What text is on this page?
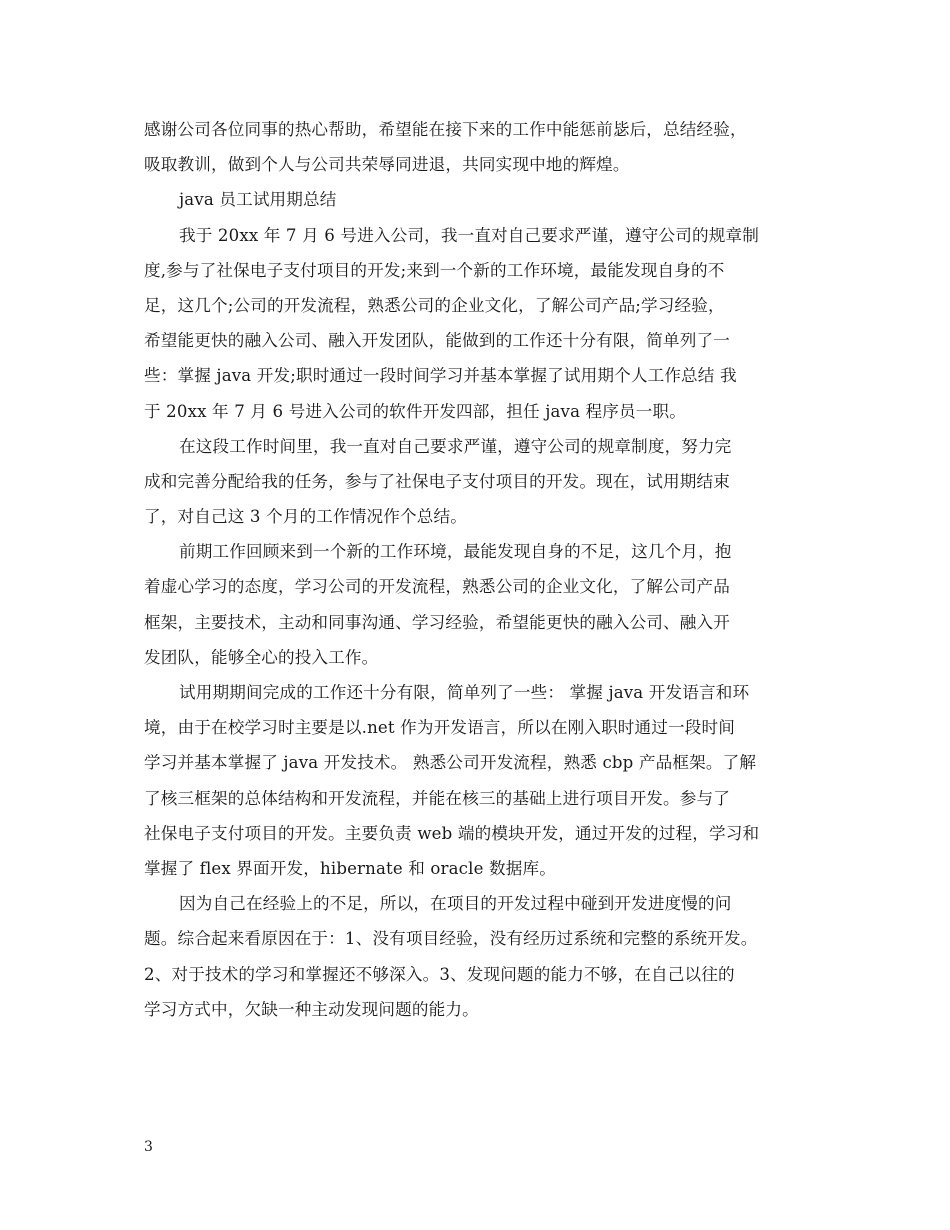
感谢公司各位同事的热心帮助，希望能在接下来的工作中能惩前毖后，总结经验，
吸取教训，做到个人与公司共荣辱同进退，共同实现中地的辉煌。
java 员工试用期总结
我于 20xx 年 7 月 6 号进入公司，我一直对自己要求严谨，遵守公司的规章制
度,参与了社保电子支付项目的开发;来到一个新的工作环境，最能发现自身的不
足，这几个;公司的开发流程，熟悉公司的企业文化，了解公司产品;学习经验，
希望能更快的融入公司、融入开发团队，能做到的工作还十分有限，简单列了一
些：掌握 java 开发;职时通过一段时间学习并基本掌握了试用期个人工作总结 我
于 20xx 年 7 月 6 号进入公司的软件开发四部，担任 java 程序员一职。
在这段工作时间里，我一直对自己要求严谨，遵守公司的规章制度，努力完
成和完善分配给我的任务，参与了社保电子支付项目的开发。现在，试用期结束
了，对自己这 3 个月的工作情况作个总结。
前期工作回顾来到一个新的工作环境，最能发现自身的不足，这几个月，抱
着虚心学习的态度，学习公司的开发流程，熟悉公司的企业文化，了解公司产品
框架，主要技术，主动和同事沟通、学习经验，希望能更快的融入公司、融入开
发团队，能够全心的投入工作。
试用期期间完成的工作还十分有限，简单列了一些： 掌握 java 开发语言和环
境，由于在校学习时主要是以.net 作为开发语言，所以在刚入职时通过一段时间
学习并基本掌握了 java 开发技术。 熟悉公司开发流程，熟悉 cbp 产品框架。了解
了核三框架的总体结构和开发流程，并能在核三的基础上进行项目开发。参与了
社保电子支付项目的开发。主要负责 web 端的模块开发，通过开发的过程，学习和
掌握了 flex 界面开发，hibernate 和 oracle 数据库。
因为自己在经验上的不足，所以，在项目的开发过程中碰到开发进度慢的问
题。综合起来看原因在于：1、没有项目经验，没有经历过系统和完整的系统开发。
2、对于技术的学习和掌握还不够深入。3、发现问题的能力不够，在自己以往的
学习方式中，欠缺一种主动发现问题的能力。
3
